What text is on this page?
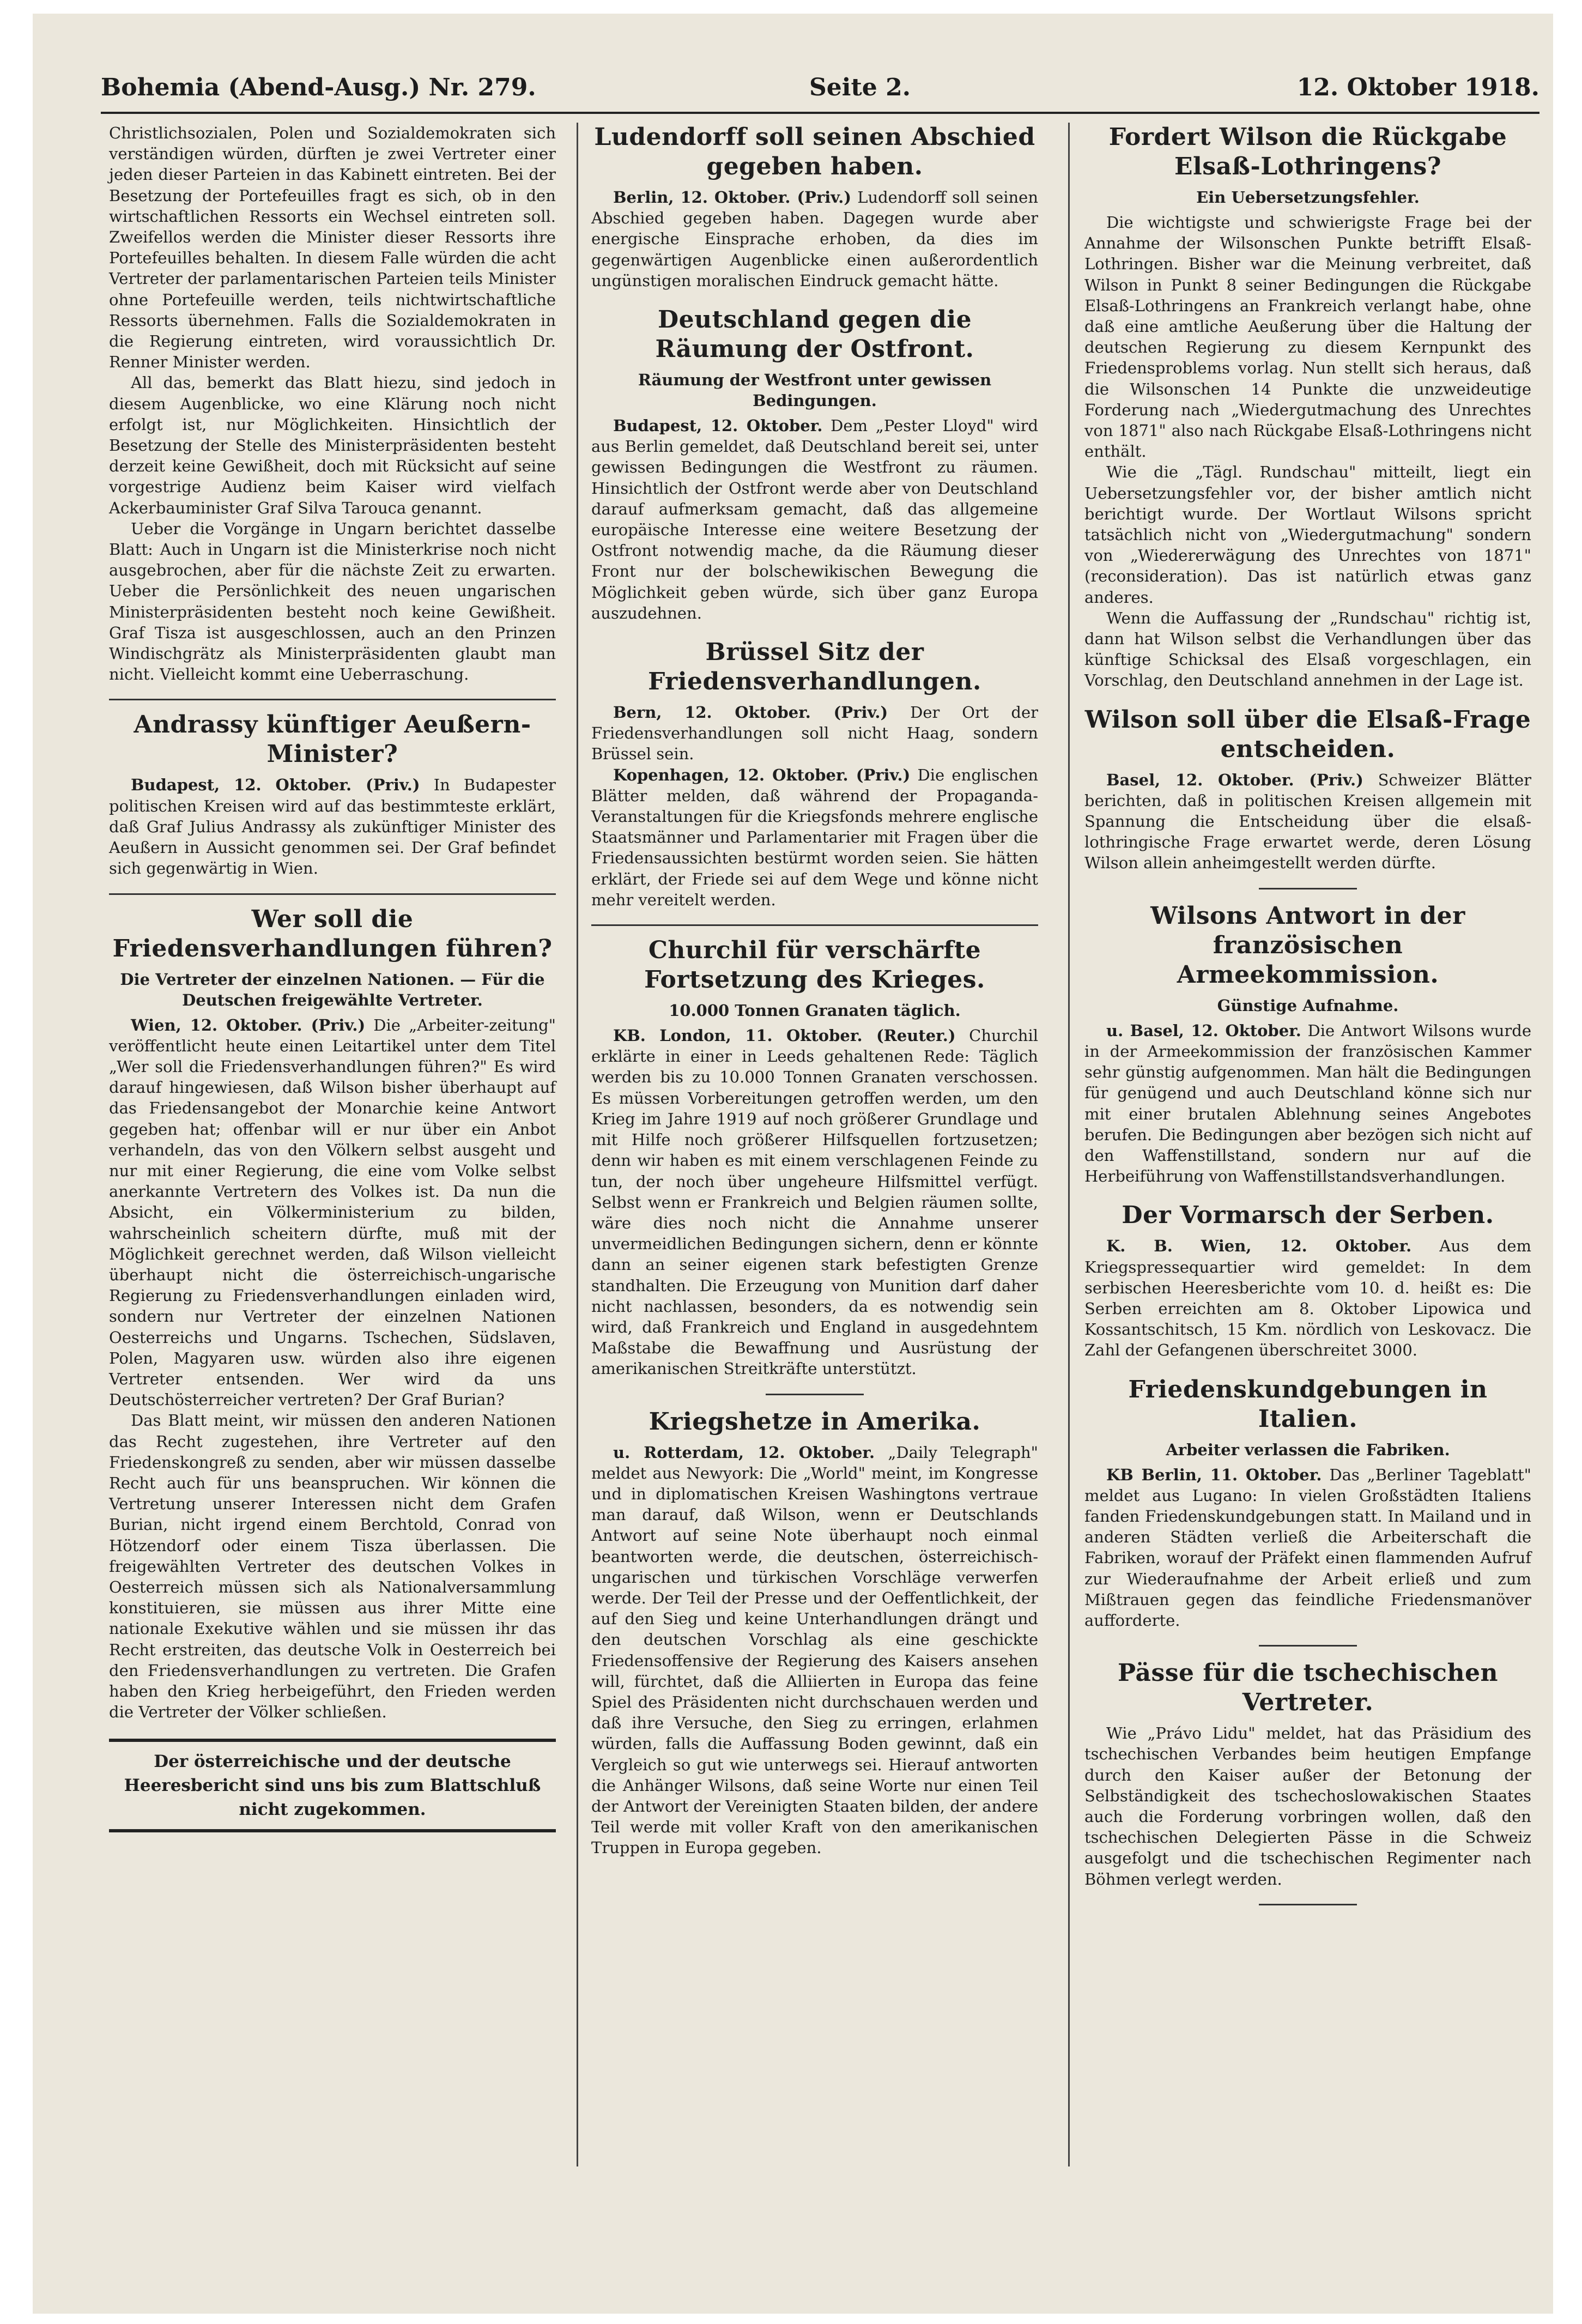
Bohemia (Abend-Ausg.) Nr. 279.	Seite 2.	12. Oktober 1918.

Christlichsozialen, Polen und Sozialdemokraten sich verständigen würden, dürften je zwei Vertreter einer jeden dieser Parteien in das Kabinett eintreten. Bei der Besetzung der Portefeuilles fragt es sich, ob in den wirtschaftlichen Ressorts ein Wechsel eintreten soll. Zweifellos werden die Minister dieser Ressorts ihre Portefeuilles behalten. In diesem Falle würden die acht Vertreter der parlamentarischen Parteien teils Minister ohne Portefeuille werden, teils nichtwirtschaftliche Ressorts übernehmen. Falls die Sozialdemokraten in die Regierung eintreten, wird voraussichtlich Dr. Renner Minister werden.

All das, bemerkt das Blatt hiezu, sind jedoch in diesem Augenblicke, wo eine Klärung noch nicht erfolgt ist, nur Möglichkeiten. Hinsichtlich der Besetzung der Stelle des Ministerpräsidenten besteht derzeit keine Gewißheit, doch mit Rücksicht auf seine vorgestrige Audienz beim Kaiser wird vielfach Ackerbauminister Graf Silva Tarouca genannt.

Ueber die Vorgänge in Ungarn berichtet dasselbe Blatt: Auch in Ungarn ist die Ministerkrise noch nicht ausgebrochen, aber für die nächste Zeit zu erwarten. Ueber die Persönlichkeit des neuen ungarischen Ministerpräsidenten besteht noch keine Gewißheit. Graf Tisza ist ausgeschlossen, auch an den Prinzen Windischgrätz als Ministerpräsidenten glaubt man nicht. Vielleicht kommt eine Ueberraschung.

Andrassy künftiger Aeußern-Minister?

Budapest, 12. Oktober. (Priv.) In Budapester politischen Kreisen wird auf das bestimmteste erklärt, daß Graf Julius Andrassy als zukünftiger Minister des Aeußern in Aussicht genommen sei. Der Graf befindet sich gegenwärtig in Wien.

Wer soll die Friedensverhandlungen führen?
Die Vertreter der einzelnen Nationen. — Für die Deutschen freigewählte Vertreter.

Wien, 12. Oktober. (Priv.) Die „Arbeiter-zeitung" veröffentlicht heute einen Leitartikel unter dem Titel „Wer soll die Friedensverhandlungen führen?" Es wird darauf hingewiesen, daß Wilson bisher überhaupt auf das Friedensangebot der Monarchie keine Antwort gegeben hat; offenbar will er nur über ein Anbot verhandeln, das von den Völkern selbst ausgeht und nur mit einer Regierung, die eine vom Volke selbst anerkannte Vertretern des Volkes ist. Da nun die Absicht, ein Völkerministerium zu bilden, wahrscheinlich scheitern dürfte, muß mit der Möglichkeit gerechnet werden, daß Wilson vielleicht überhaupt nicht die österreichisch-ungarische Regierung zu Friedensverhandlungen einladen wird, sondern nur Vertreter der einzelnen Nationen Oesterreichs und Ungarns. Tschechen, Südslaven, Polen, Magyaren usw. würden also ihre eigenen Vertreter entsenden. Wer wird da uns Deutschösterreicher vertreten? Der Graf Burian?

Das Blatt meint, wir müssen den anderen Nationen das Recht zugestehen, ihre Vertreter auf den Friedenskongreß zu senden, aber wir müssen dasselbe Recht auch für uns beanspruchen. Wir können die Vertretung unserer Interessen nicht dem Grafen Burian, nicht irgend einem Berchtold, Conrad von Hötzendorf oder einem Tisza überlassen. Die freigewählten Vertreter des deutschen Volkes in Oesterreich müssen sich als Nationalversammlung konstituieren, sie müssen aus ihrer Mitte eine nationale Exekutive wählen und sie müssen ihr das Recht erstreiten, das deutsche Volk in Oesterreich bei den Friedensverhandlungen zu vertreten. Die Grafen haben den Krieg herbeigeführt, den Frieden werden die Vertreter der Völker schließen.

Der österreichische und der deutsche Heeresbericht sind uns bis zum Blattschluß nicht zugekommen.

Ludendorff soll seinen Abschied gegeben haben.

Berlin, 12. Oktober. (Priv.) Ludendorff soll seinen Abschied gegeben haben. Dagegen wurde aber energische Einsprache erhoben, da dies im gegenwärtigen Augenblicke einen außerordentlich ungünstigen moralischen Eindruck gemacht hätte.

Deutschland gegen die Räumung der Ostfront.
Räumung der Westfront unter gewissen Bedingungen.

Budapest, 12. Oktober. Dem „Pester Lloyd" wird aus Berlin gemeldet, daß Deutschland bereit sei, unter gewissen Bedingungen die Westfront zu räumen. Hinsichtlich der Ostfront werde aber von Deutschland darauf aufmerksam gemacht, daß das allgemeine europäische Interesse eine weitere Besetzung der Ostfront notwendig mache, da die Räumung dieser Front nur der bolschewikischen Bewegung die Möglichkeit geben würde, sich über ganz Europa auszudehnen.

Brüssel Sitz der Friedensverhandlungen.

Bern, 12. Oktober. (Priv.) Der Ort der Friedensverhandlungen soll nicht Haag, sondern Brüssel sein.

Kopenhagen, 12. Oktober. (Priv.) Die englischen Blätter melden, daß während der Propaganda-Veranstaltungen für die Kriegsfonds mehrere englische Staatsmänner und Parlamentarier mit Fragen über die Friedensaussichten bestürmt worden seien. Sie hätten erklärt, der Friede sei auf dem Wege und könne nicht mehr vereitelt werden.

Churchil für verschärfte Fortsetzung des Krieges.
10.000 Tonnen Granaten täglich.

KB. London, 11. Oktober. (Reuter.) Churchil erklärte in einer in Leeds gehaltenen Rede: Täglich werden bis zu 10.000 Tonnen Granaten verschossen. Es müssen Vorbereitungen getroffen werden, um den Krieg im Jahre 1919 auf noch größerer Grundlage und mit Hilfe noch größerer Hilfsquellen fortzusetzen; denn wir haben es mit einem verschlagenen Feinde zu tun, der noch über ungeheure Hilfsmittel verfügt. Selbst wenn er Frankreich und Belgien räumen sollte, wäre dies noch nicht die Annahme unserer unvermeidlichen Bedingungen sichern, denn er könnte dann an seiner eigenen stark befestigten Grenze standhalten. Die Erzeugung von Munition darf daher nicht nachlassen, besonders, da es notwendig sein wird, daß Frankreich und England in ausgedehntem Maßstabe die Bewaffnung und Ausrüstung der amerikanischen Streitkräfte unterstützt.

Kriegshetze in Amerika.

u. Rotterdam, 12. Oktober. „Daily Telegraph" meldet aus Newyork: Die „World" meint, im Kongresse und in diplomatischen Kreisen Washingtons vertraue man darauf, daß Wilson, wenn er Deutschlands Antwort auf seine Note überhaupt noch einmal beantworten werde, die deutschen, österreichisch-ungarischen und türkischen Vorschläge verwerfen werde. Der Teil der Presse und der Oeffentlichkeit, der auf den Sieg und keine Unterhandlungen drängt und den deutschen Vorschlag als eine geschickte Friedensoffensive der Regierung des Kaisers ansehen will, fürchtet, daß die Alliierten in Europa das feine Spiel des Präsidenten nicht durchschauen werden und daß ihre Versuche, den Sieg zu erringen, erlahmen würden, falls die Auffassung Boden gewinnt, daß ein Vergleich so gut wie unterwegs sei. Hierauf antworten die Anhänger Wilsons, daß seine Worte nur einen Teil der Antwort der Vereinigten Staaten bilden, der andere Teil werde mit voller Kraft von den amerikanischen Truppen in Europa gegeben.

Fordert Wilson die Rückgabe Elsaß-Lothringens?
Ein Uebersetzungsfehler.

Die wichtigste und schwierigste Frage bei der Annahme der Wilsonschen Punkte betrifft Elsaß-Lothringen. Bisher war die Meinung verbreitet, daß Wilson in Punkt 8 seiner Bedingungen die Rückgabe Elsaß-Lothringens an Frankreich verlangt habe, ohne daß eine amtliche Aeußerung über die Haltung der deutschen Regierung zu diesem Kernpunkt des Friedensproblems vorlag. Nun stellt sich heraus, daß die Wilsonschen 14 Punkte die unzweideutige Forderung nach „Wiedergutmachung des Unrechtes von 1871" also nach Rückgabe Elsaß-Lothringens nicht enthält.

Wie die „Tägl. Rundschau" mitteilt, liegt ein Uebersetzungsfehler vor, der bisher amtlich nicht berichtigt wurde. Der Wortlaut Wilsons spricht tatsächlich nicht von „Wiedergutmachung" sondern von „Wiedererwägung des Unrechtes von 1871" (reconsideration). Das ist natürlich etwas ganz anderes.

Wenn die Auffassung der „Rundschau" richtig ist, dann hat Wilson selbst die Verhandlungen über das künftige Schicksal des Elsaß vorgeschlagen, ein Vorschlag, den Deutschland annehmen in der Lage ist.

Wilson soll über die Elsaß-Frage entscheiden.

Basel, 12. Oktober. (Priv.) Schweizer Blätter berichten, daß in politischen Kreisen allgemein mit Spannung die Entscheidung über die elsaß-lothringische Frage erwartet werde, deren Lösung Wilson allein anheimgestellt werden dürfte.

Wilsons Antwort in der französischen Armeekommission.
Günstige Aufnahme.

u. Basel, 12. Oktober. Die Antwort Wilsons wurde in der Armeekommission der französischen Kammer sehr günstig aufgenommen. Man hält die Bedingungen für genügend und auch Deutschland könne sich nur mit einer brutalen Ablehnung seines Angebotes berufen. Die Bedingungen aber bezögen sich nicht auf den Waffenstillstand, sondern nur auf die Herbeiführung von Waffenstillstandsverhandlungen.

Der Vormarsch der Serben.

K. B. Wien, 12. Oktober. Aus dem Kriegspressequartier wird gemeldet: In dem serbischen Heeresberichte vom 10. d. heißt es: Die Serben erreichten am 8. Oktober Lipowica und Kossantschitsch, 15 Km. nördlich von Leskovacz. Die Zahl der Gefangenen überschreitet 3000.

Friedenskundgebungen in Italien.
Arbeiter verlassen die Fabriken.

KB Berlin, 11. Oktober. Das „Berliner Tageblatt" meldet aus Lugano: In vielen Großstädten Italiens fanden Friedenskundgebungen statt. In Mailand und in anderen Städten verließ die Arbeiterschaft die Fabriken, worauf der Präfekt einen flammenden Aufruf zur Wiederaufnahme der Arbeit erließ und zum Mißtrauen gegen das feindliche Friedensmanöver aufforderte.

Pässe für die tschechischen Vertreter.

Wie „Právo Lidu" meldet, hat das Präsidium des tschechischen Verbandes beim heutigen Empfange durch den Kaiser außer der Betonung der Selbständigkeit des tschechoslowakischen Staates auch die Forderung vorbringen wollen, daß den tschechischen Delegierten Pässe in die Schweiz ausgefolgt und die tschechischen Regimenter nach Böhmen verlegt werden.
